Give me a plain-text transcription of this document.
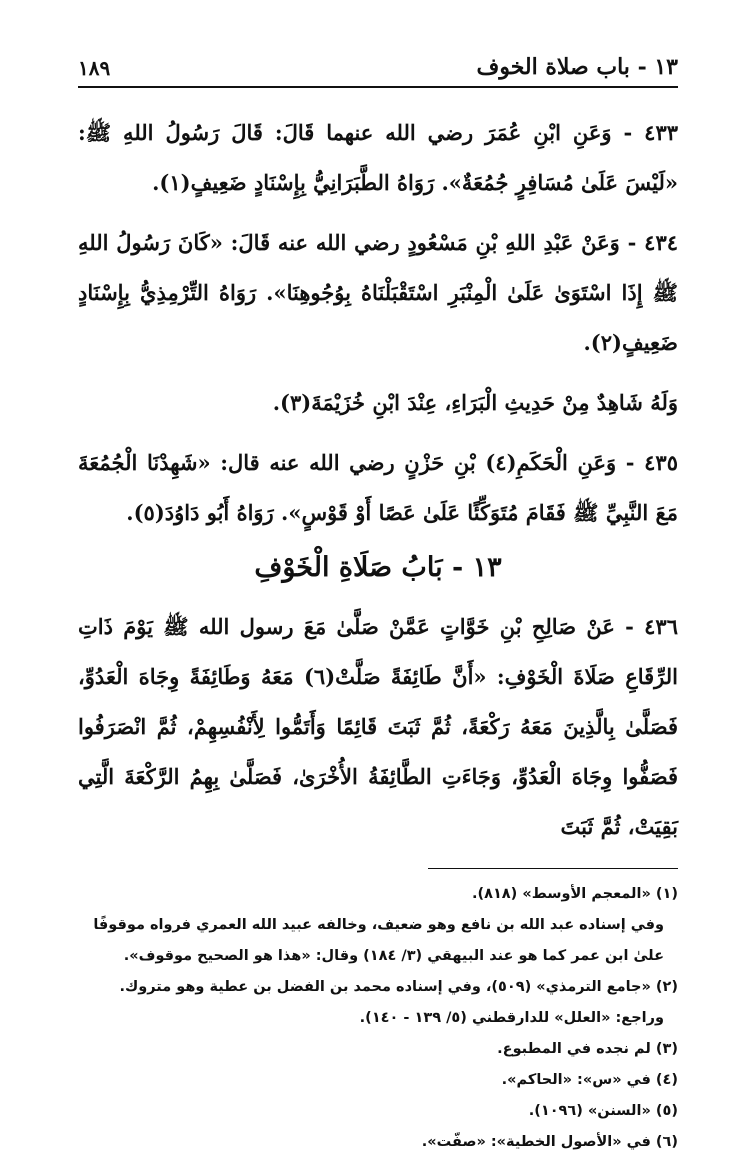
١٣ - باب صلاة الخوف
١٨٩

٤٣٣ - وَعَنِ ابْنِ عُمَرَ رضي الله عنهما قَالَ: قَالَ رَسُولُ اللهِ ﷺ: «لَيْسَ عَلَىٰ مُسَافِرٍ جُمُعَةٌ». رَوَاهُ الطَّبَرَانِيُّ بِإِسْنَادٍ ضَعِيفٍ(١).

٤٣٤ - وَعَنْ عَبْدِ اللهِ بْنِ مَسْعُودٍ رضي الله عنه قَالَ: «كَانَ رَسُولُ اللهِ ﷺ إِذَا اسْتَوَىٰ عَلَىٰ الْمِنْبَرِ اسْتَقْبَلْنَاهُ بِوُجُوهِنَا». رَوَاهُ التِّرْمِذِيُّ بِإِسْنَادٍ ضَعِيفٍ(٢).

وَلَهُ شَاهِدٌ مِنْ حَدِيثِ الْبَرَاءِ، عِنْدَ ابْنِ خُزَيْمَةَ(٣).

٤٣٥ - وَعَنِ الْحَكَمِ(٤) بْنِ حَزْنٍ رضي الله عنه قال: «شَهِدْنَا الْجُمُعَةَ مَعَ النَّبِيِّ ﷺ فَقَامَ مُتَوَكِّئًا عَلَىٰ عَصًا أَوْ قَوْسٍ». رَوَاهُ أَبُو دَاوُدَ(٥).

١٣ - بَابُ صَلَاةِ الْخَوْفِ

٤٣٦ - عَنْ صَالِحِ بْنِ خَوَّاتٍ عَمَّنْ صَلَّىٰ مَعَ رسول الله ﷺ يَوْمَ ذَاتِ الرِّقَاعِ صَلَاةَ الْخَوْفِ: «أَنَّ طَائِفَةً صَلَّتْ(٦) مَعَهُ وَطَائِفَةً وِجَاهَ الْعَدُوِّ، فَصَلَّىٰ بِالَّذِينَ مَعَهُ رَكْعَةً، ثُمَّ ثَبَتَ قَائِمًا وَأَتَمُّوا لِأَنْفُسِهِمْ، ثُمَّ انْصَرَفُوا فَصَفُّوا وِجَاهَ الْعَدُوِّ، وَجَاءَتِ الطَّائِفَةُ الأُخْرَىٰ، فَصَلَّىٰ بِهِمُ الرَّكْعَةَ الَّتِي بَقِيَتْ، ثُمَّ ثَبَتَ

(١) «المعجم الأوسط» (٨١٨).

وفي إسناده عبد الله بن نافع وهو ضعيف، وخالفه عبيد الله العمري فرواه موقوفًا

علىٰ ابن عمر كما هو عند البيهقي (٣/ ١٨٤) وقال: «هذا هو الصحيح موقوف».

(٢) «جامع الترمذي» (٥٠٩)، وفي إسناده محمد بن الفضل بن عطية وهو متروك.

وراجع: «العلل» للدارقطني (٥/ ١٣٩ - ١٤٠).

(٣) لم نجده في المطبوع.

(٤) في «س»: «الحاكم».

(٥) «السنن» (١٠٩٦).

(٦) في «الأصول الخطية»: «صفّت».
